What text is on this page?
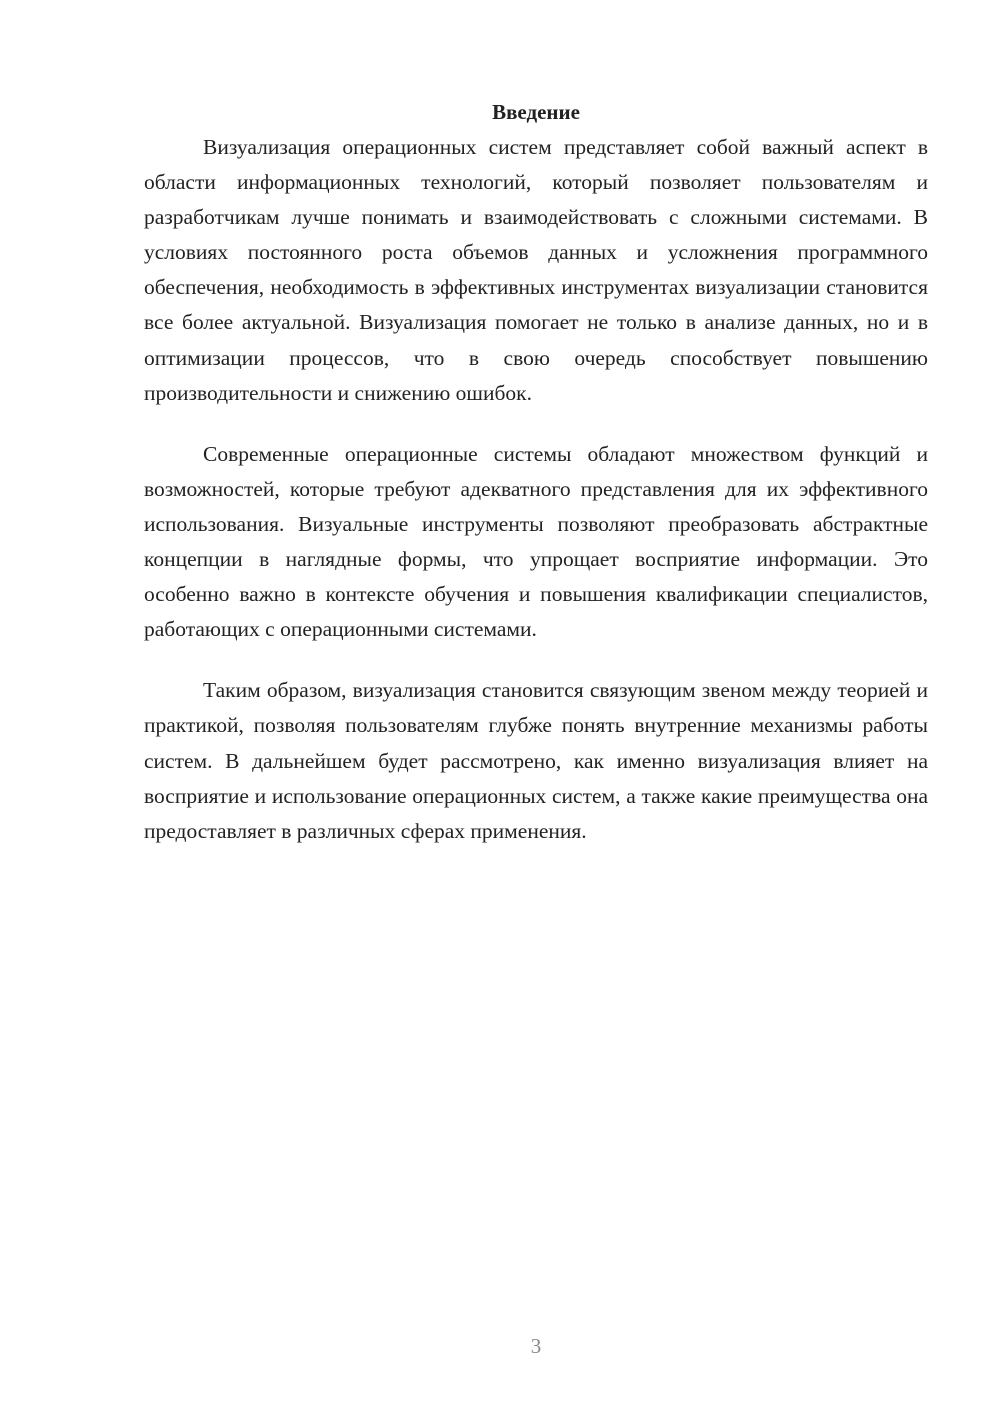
Введение

Визуализация операционных систем представляет собой важный аспект в области информационных технологий, который позволяет пользователям и разработчикам лучше понимать и взаимодействовать с сложными системами. В условиях постоянного роста объемов данных и усложнения программного обеспечения, необходимость в эффективных инструментах визуализации становится все более актуальной. Визуализация помогает не только в анализе данных, но и в оптимизации процессов, что в свою очередь способствует повышению производительности и снижению ошибок.

Современные операционные системы обладают множеством функций и возможностей, которые требуют адекватного представления для их эффективного использования. Визуальные инструменты позволяют преобразовать абстрактные концепции в наглядные формы, что упрощает восприятие информации. Это особенно важно в контексте обучения и повышения квалификации специалистов, работающих с операционными системами.

Таким образом, визуализация становится связующим звеном между теорией и практикой, позволяя пользователям глубже понять внутренние механизмы работы систем. В дальнейшем будет рассмотрено, как именно визуализация влияет на восприятие и использование операционных систем, а также какие преимущества она предоставляет в различных сферах применения.

3
